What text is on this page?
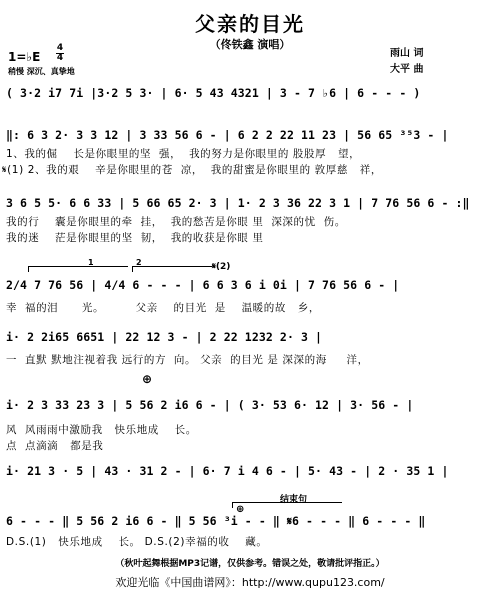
父亲的目光
（佟铁鑫 演唱）
雨山 词
大平 曲
1=♭E
4
4
稍慢 深沉、真挚地
( 3·2 i7 7i |3·2 5 3· | 6· 5 43 4321 | 3 - 7 ♭6 | 6 - - - )
‖: 6 3 2· 3 3 12 | 3 33 56 6 - | 6 2 2 22 11 23 | 56 65 ³⁵3 - |
1、我的倔    长是你眼里的坚  强，  我的努力是你眼里的 股股厚   望，
𝄋(1) 2、我的艰    辛是你眼里的苍  凉，  我的甜蜜是你眼里的 敦厚慈   祥，
3 6 5 5· 6 6 33 | 5 66 65 2· 3 | 1· 2 3 36 22 3 1 | 7 76 56 6 - :‖
我的行    囊是你眼里的牵  挂，  我的愁苦是你眼 里  深深的忧  伤。
我的迷    茫是你眼里的坚  韧，  我的收获是你眼 里
1	2	𝄋(2)
2/4 7 76 56 | 4/4 6 - - - | 6 6 3 6 i 0i | 7 76 56 6 - |
幸  福的泪      光。        父亲    的目光  是    温暖的故   乡，
i· 2 2i65 6651 | 22 12 3 - | 2 22 1232 2· 3 |
一  直默 默地注视着我 远行的方  向。 父亲  的目光 是 深深的海     洋，
⊕
i· 2 3 33 23 3 | 5 56 2 i6 6 - | ( 3· 53 6· 12 | 3· 56 - |
风  风雨雨中激励我   快乐地成    长。
点  点滴滴   都是我
i· 21 3 · 5 | 43 · 31 2 - | 6· 7 i 4 6 - | 5· 43 - | 2 · 35 1 |
结束句
⊕
6 - - - ‖ 5 56 2 i6 6 - ‖ 5 56 ³i - - ‖ 𝄋6 - - - ‖ 6 - - - ‖
D.S.(1)   快乐地成    长。 D.S.(2)幸福的收    藏。
（秋叶起舞根据MP3记谱，仅供参考。错误之处，敬请批评指正。）
欢迎光临《中国曲谱网》：http://www.qupu123.com/
